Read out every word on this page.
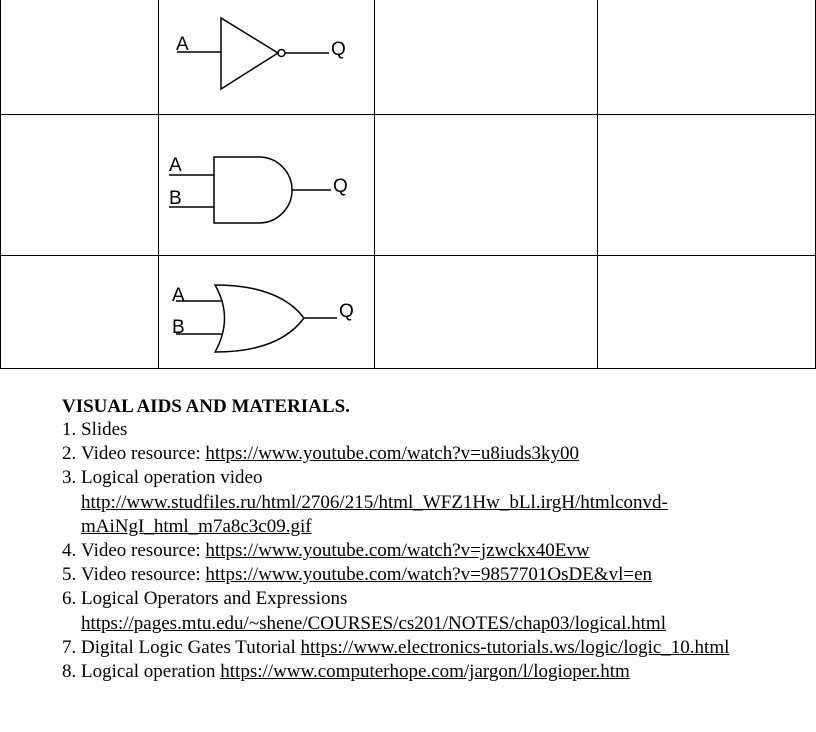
A Q		

A
B
Q		

A
B
Q		

VISUAL AIDS AND MATERIALS.
1. Slides
2. Video resource: https://www.youtube.com/watch?v=u8iuds3ky00
3. Logical operation video
http://www.studfiles.ru/html/2706/215/html_WFZ1Hw_bLl.irgH/htmlconvd-mAiNgI_html_m7a8c3c09.gif
4. Video resource: https://www.youtube.com/watch?v=jzwckx40Evw
5. Video resource: https://www.youtube.com/watch?v=9857701OsDE&vl=en
6. Logical Operators and Expressions
https://pages.mtu.edu/~shene/COURSES/cs201/NOTES/chap03/logical.html
7. Digital Logic Gates Tutorial https://www.electronics-tutorials.ws/logic/logic_10.html
8. Logical operation https://www.computerhope.com/jargon/l/logioper.htm
